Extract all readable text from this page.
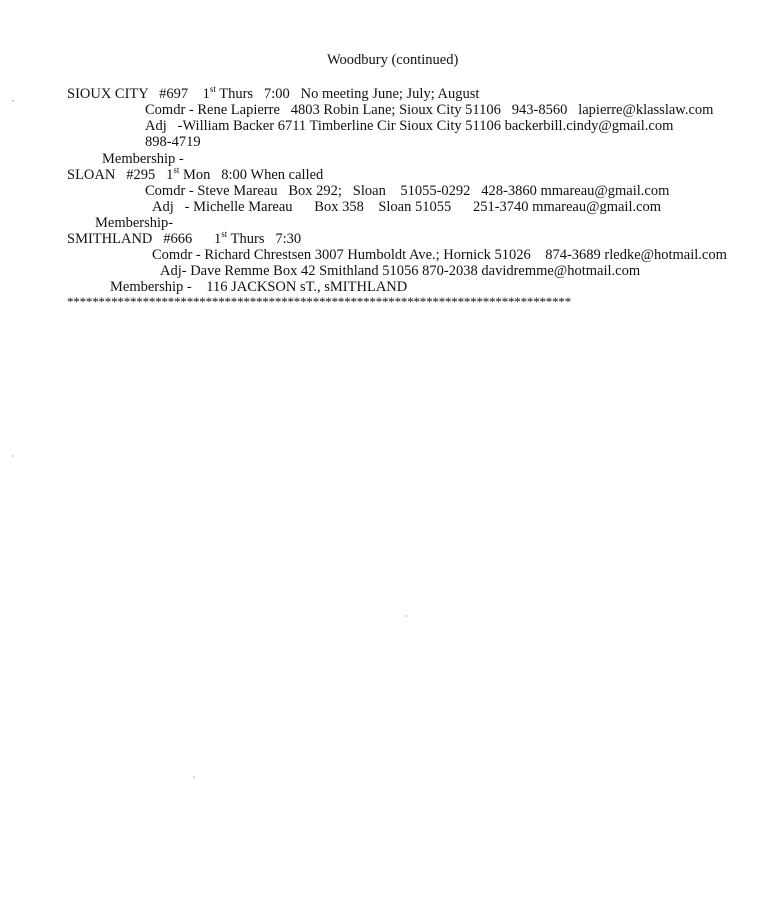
Woodbury (continued)
SIOUX CITY #697 1st Thurs 7:00 No meeting June; July; August
Comdr - Rene Lapierre   4803 Robin Lane; Sioux City 51106   943-8560   lapierre@klasslaw.com
Adj   -William Backer 6711 Timberline Cir Sioux City 51106 backerbill.cindy@gmail.com
898-4719
Membership -
SLOAN #295 1st Mon 8:00 When called
Comdr - Steve Mareau   Box 292;   Sloan    51055-0292   428-3860 mmareau@gmail.com
Adj   - Michelle Mareau      Box 358    Sloan 51055      251-3740 mmareau@gmail.com
Membership-
SMITHLAND #666 1st Thurs 7:30
Comdr - Richard Chrestsen 3007 Humboldt Ave.; Hornick 51026    874-3689 rledke@hotmail.com
Adj- Dave Remme Box 42 Smithland 51056 870-2038 davidremme@hotmail.com
Membership -    116 JACKSON sT., sMITHLAND
********************************************************************************
